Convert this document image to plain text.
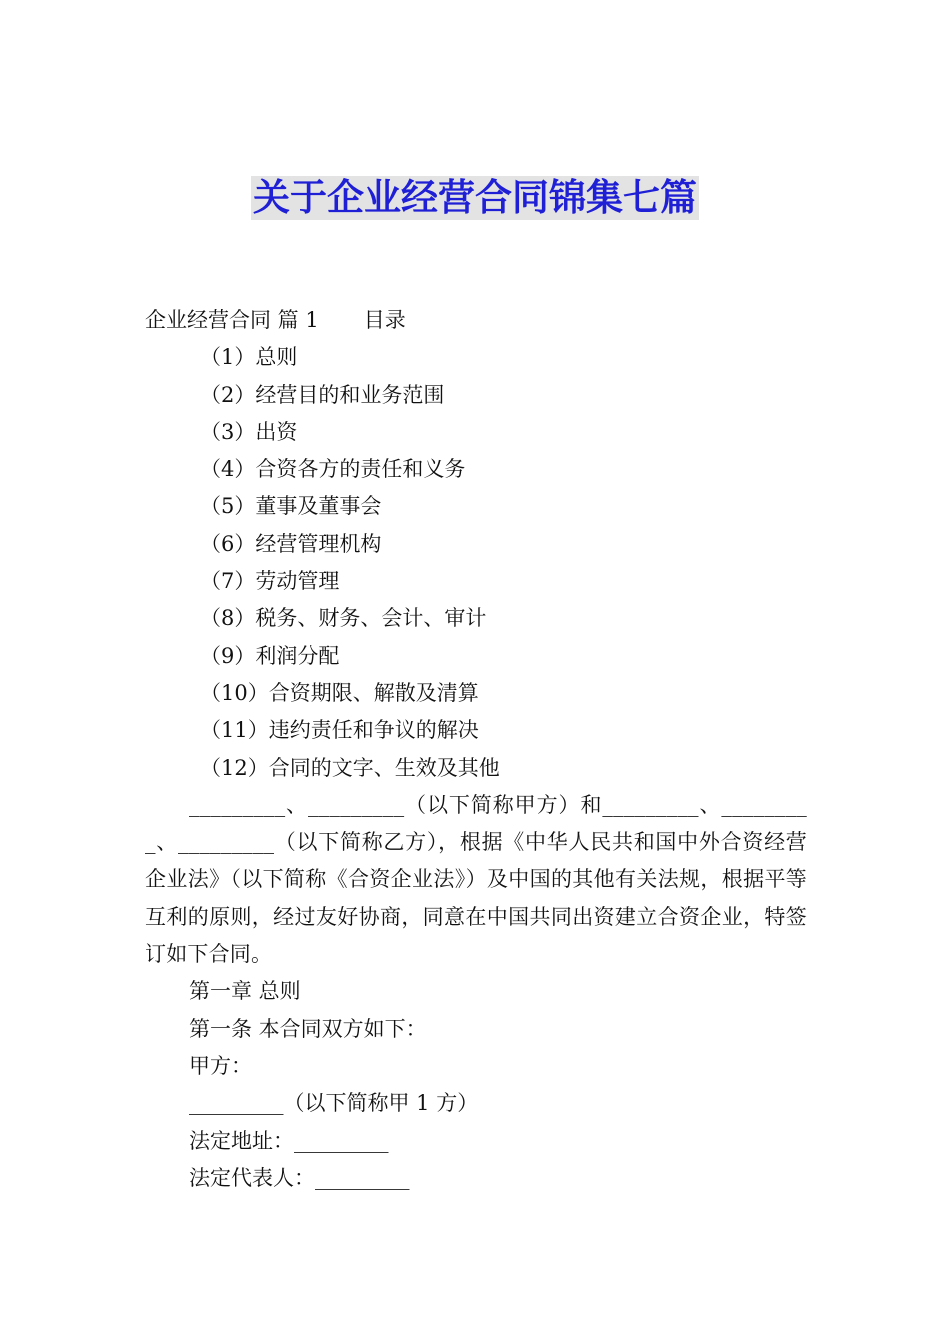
关于企业经营合同锦集七篇
企业经营合同 篇 1 目录
（1）总则
（2）经营目的和业务范围
（3）出资
（4）合资各方的责任和义务
（5）董事及董事会
（6）经营管理机构
（7）劳动管理
（8）税务、财务、会计、审计
（9）利润分配
（10）合资期限、解散及清算
（11）违约责任和争议的解决
（12）合同的文字、生效及其他
_________、_________（以下简称甲方）和_________、_________、_________（以下简称乙方），根据《中华人民共和国中外合资经营企业法》（以下简称《合资企业法》）及中国的其他有关法规，根据平等互利的原则，经过友好协商，同意在中国共同出资建立合资企业，特签订如下合同。
第一章 总则
第一条 本合同双方如下：
甲方：
_________（以下简称甲 1 方）
法定地址：_________
法定代表人：_________
